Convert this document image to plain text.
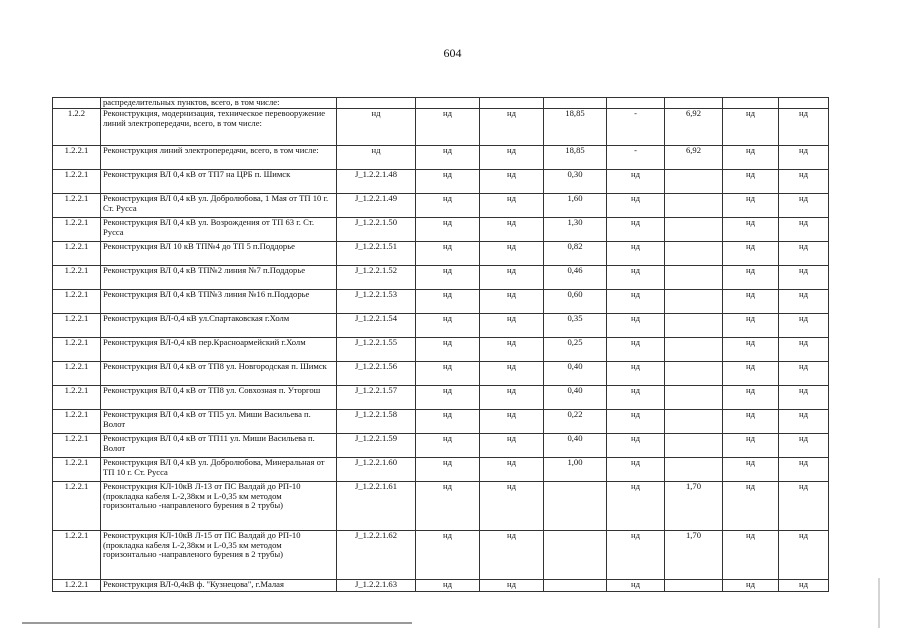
604
	распределительных пунктов, всего, в том числе:								
1.2.2	Реконструкция, модернизация, техническое перевооружение линий электропередачи, всего, в том числе:	нд	нд	нд	18,85	-	6,92	нд	нд
1.2.2.1	Реконструкция линий электропередачи, всего, в том числе:	нд	нд	нд	18,85	-	6,92	нд	нд
1.2.2.1	Реконструкция ВЛ 0,4 кВ от ТП7 на ЦРБ п. Шимск	J_1.2.2.1.48	нд	нд	0,30	нд		нд	нд
1.2.2.1	Реконструкция ВЛ 0,4 кВ ул. Добролюбова, 1 Мая от ТП 10 г. Ст. Русса	J_1.2.2.1.49	нд	нд	1,60	нд		нд	нд
1.2.2.1	Реконструкция ВЛ 0,4 кВ ул. Возрождения от ТП 63 г. Ст. Русса	J_1.2.2.1.50	нд	нд	1,30	нд		нд	нд
1.2.2.1	Реконструкция ВЛ 10 кВ ТП№4 до ТП 5 п.Поддорье	J_1.2.2.1.51	нд	нд	0,82	нд		нд	нд
1.2.2.1	Реконструкция ВЛ 0,4 кВ ТП№2 линия №7 п.Поддорье	J_1.2.2.1.52	нд	нд	0,46	нд		нд	нд
1.2.2.1	Реконструкция ВЛ 0,4 кВ ТП№3 линия №16 п.Поддорье	J_1.2.2.1.53	нд	нд	0,60	нд		нд	нд
1.2.2.1	Реконструкция ВЛ-0,4 кВ ул.Спартаковская г.Холм	J_1.2.2.1.54	нд	нд	0,35	нд		нд	нд
1.2.2.1	Реконструкция ВЛ-0,4 кВ пер.Красноармейский г.Холм	J_1.2.2.1.55	нд	нд	0,25	нд		нд	нд
1.2.2.1	Реконструкция ВЛ 0,4 кВ от ТП8 ул. Новгородская п. Шимск	J_1.2.2.1.56	нд	нд	0,40	нд		нд	нд
1.2.2.1	Реконструкция ВЛ 0,4 кВ от ТП8 ул. Совхозная п. Уторгош	J_1.2.2.1.57	нд	нд	0,40	нд		нд	нд
1.2.2.1	Реконструкция ВЛ 0,4 кВ от ТП5 ул. Миши Васильева п. Волот	J_1.2.2.1.58	нд	нд	0,22	нд		нд	нд
1.2.2.1	Реконструкция ВЛ 0,4 кВ от ТП11 ул. Миши Васильева п. Волот	J_1.2.2.1.59	нд	нд	0,40	нд		нд	нд
1.2.2.1	Реконструкция ВЛ 0,4 кВ ул. Добролюбова, Минеральная от ТП 10 г. Ст. Русса	J_1.2.2.1.60	нд	нд	1,00	нд		нд	нд
1.2.2.1	Реконструкция КЛ-10кВ Л-13 от ПС Валдай до РП-10 (прокладка кабеля L-2,38км и L-0,35 км методом горизонтально -направленого бурения в 2 трубы)	J_1.2.2.1.61	нд	нд		нд	1,70	нд	нд
1.2.2.1	Реконструкция КЛ-10кВ Л-15 от ПС Валдай до РП-10 (прокладка кабеля L-2,38км и L-0,35 км методом горизонтально -направленого бурения в 2 трубы)	J_1.2.2.1.62	нд	нд		нд	1,70	нд	нд
1.2.2.1	Реконструкция ВЛ-0,4кВ ф. "Кузнецова", г.Малая	J_1.2.2.1.63	нд	нд		нд		нд	нд
